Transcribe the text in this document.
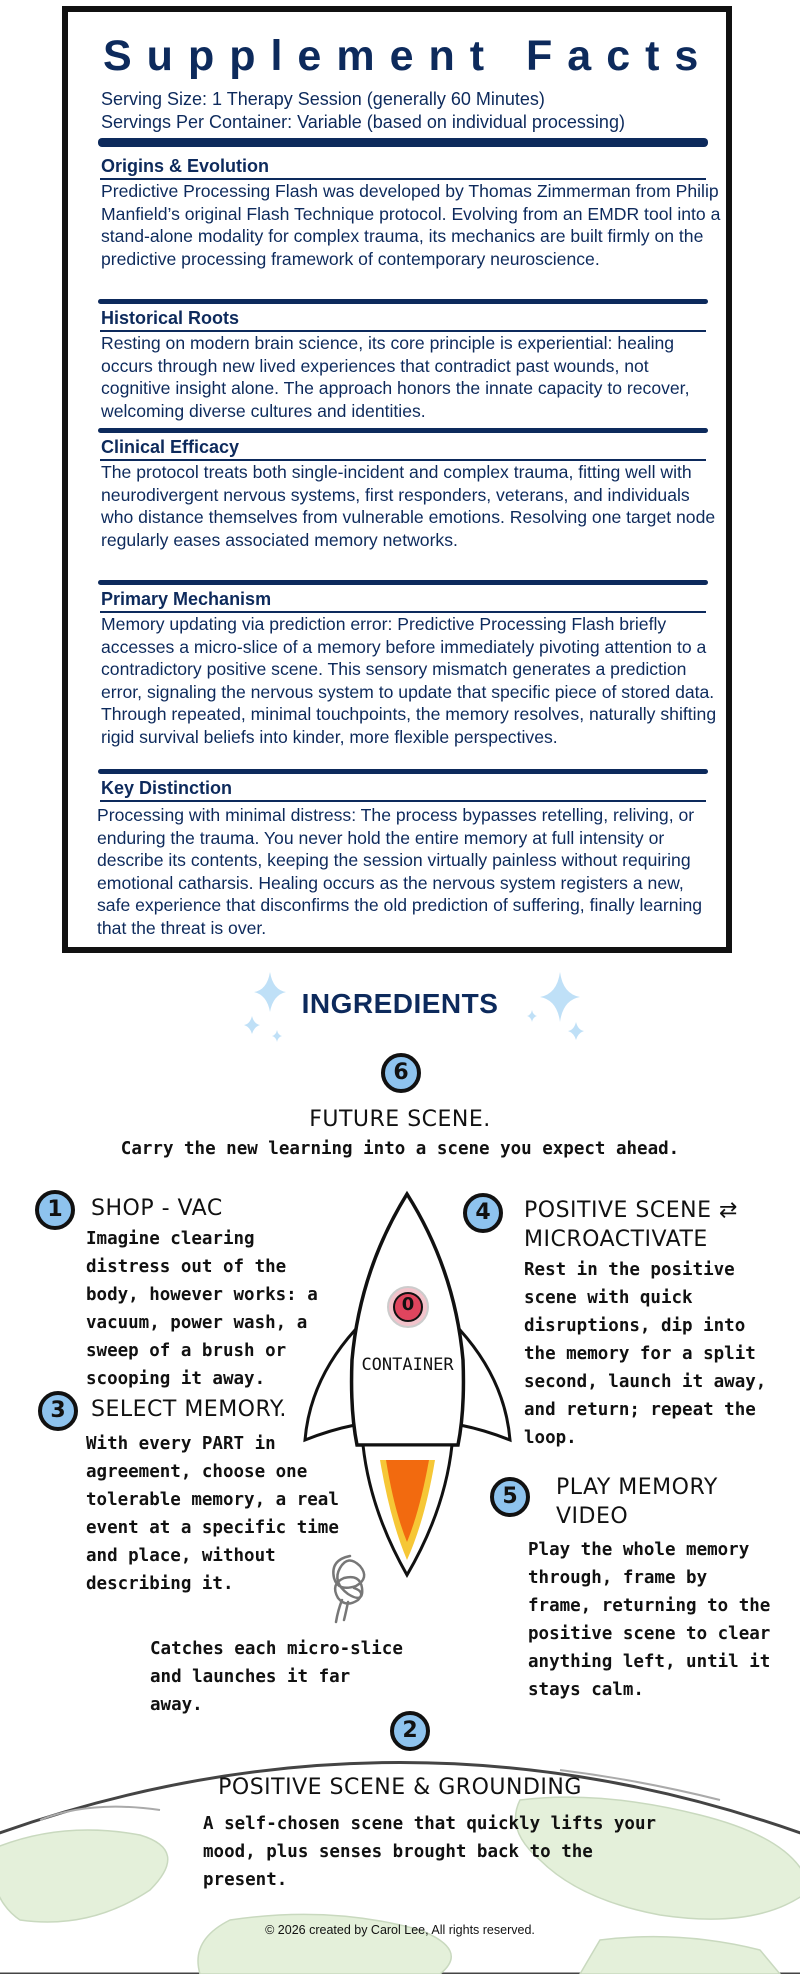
Supplement Facts
Serving Size: 1 Therapy Session (generally 60 Minutes)
Servings Per Container: Variable (based on individual processing)
Origins & Evolution

Predictive Processing Flash was developed by Thomas Zimmerman from Philip Manfield’s original Flash Technique protocol. Evolving from an EMDR tool into a stand-alone modality for complex trauma, its mechanics are built firmly on the predictive processing framework of contemporary neuroscience.

Historical Roots

Resting on modern brain science, its core principle is experiential: healing occurs through new lived experiences that contradict past wounds, not cognitive insight alone. The approach honors the innate capacity to recover, welcoming diverse cultures and identities.

Clinical Efficacy

The protocol treats both single-incident and complex trauma, fitting well with neurodivergent nervous systems, first responders, veterans, and individuals who distance themselves from vulnerable emotions. Resolving one target node regularly eases associated memory networks.

Primary Mechanism

Memory updating via prediction error: Predictive Processing Flash briefly accesses a micro-slice of a memory before immediately pivoting attention to a contradictory positive scene. This sensory mismatch generates a prediction error, signaling the nervous system to update that specific piece of stored data. Through repeated, minimal touchpoints, the memory resolves, naturally shifting rigid survival beliefs into kinder, more flexible perspectives.

Key Distinction

Processing with minimal distress: The process bypasses retelling, reliving, or enduring the trauma. You never hold the entire memory at full intensity or describe its contents, keeping the session virtually painless without requiring emotional catharsis. Healing occurs as the nervous system registers a new, safe experience that disconfirms the old prediction of suffering, finally learning that the threat is over.

INGREDIENTS
0
CONTAINER
6
FUTURE SCENE.

Carry the new learning into a scene you expect ahead.

1	SHOP - VAC

Imagine clearing distress out of the body, however works: a vacuum, power wash, a sweep of a brush or scooping it away.

4	POSITIVE SCENE ⇄ MICROACTIVATE

Rest in the positive scene with quick disruptions, dip into the memory for a split second, launch it away, and return; repeat the loop.

3	SELECT MEMORY.

With every PART in agreement, choose one tolerable memory, a real event at a specific time and place, without describing it.

5	PLAY MEMORY VIDEO

Play the whole memory through, frame by frame, returning to the positive scene to clear anything left, until it stays calm.

Catches each micro-slice and launches it far away.

2
POSITIVE SCENE & GROUNDING

A self-chosen scene that quickly lifts your mood, plus senses brought back to the present.

© 2026 created by Carol Lee, All rights reserved.
